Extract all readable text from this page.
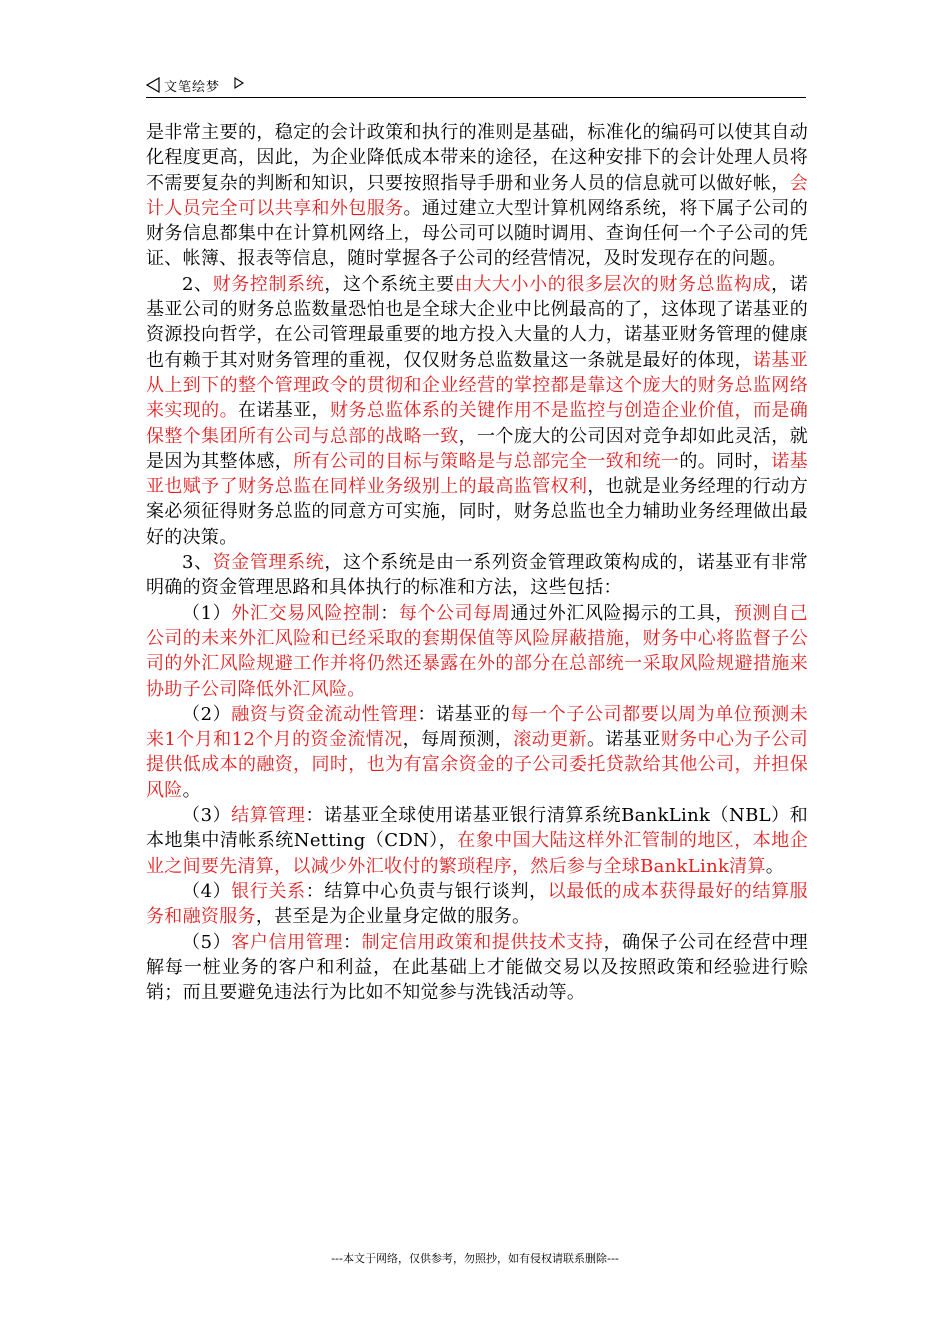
文笔绘梦

是非常主要的，稳定的会计政策和执行的准则是基础，标准化的编码可以使其自动化程度更高，因此，为企业降低成本带来的途径，在这种安排下的会计处理人员将不需要复杂的判断和知识，只要按照指导手册和业务人员的信息就可以做好帐，会计人员完全可以共享和外包服务。通过建立大型计算机网络系统，将下属子公司的财务信息都集中在计算机网络上，母公司可以随时调用、查询任何一个子公司的凭证、帐簿、报表等信息，随时掌握各子公司的经营情况，及时发现存在的问题。

2、财务控制系统，这个系统主要由大大小小的很多层次的财务总监构成，诺基亚公司的财务总监数量恐怕也是全球大企业中比例最高的了，这体现了诺基亚的资源投向哲学，在公司管理最重要的地方投入大量的人力，诺基亚财务管理的健康也有赖于其对财务管理的重视，仅仅财务总监数量这一条就是最好的体现，诺基亚从上到下的整个管理政令的贯彻和企业经营的掌控都是靠这个庞大的财务总监网络来实现的。在诺基亚，财务总监体系的关键作用不是监控与创造企业价值，而是确保整个集团所有公司与总部的战略一致，一个庞大的公司因对竞争却如此灵活，就是因为其整体感，所有公司的目标与策略是与总部完全一致和统一的。同时，诺基亚也赋予了财务总监在同样业务级别上的最高监管权利，也就是业务经理的行动方案必须征得财务总监的同意方可实施，同时，财务总监也全力辅助业务经理做出最好的决策。

3、资金管理系统，这个系统是由一系列资金管理政策构成的，诺基亚有非常明确的资金管理思路和具体执行的标准和方法，这些包括：

（1）外汇交易风险控制：每个公司每周通过外汇风险揭示的工具，预测自己公司的未来外汇风险和已经采取的套期保值等风险屏蔽措施，财务中心将监督子公司的外汇风险规避工作并将仍然还暴露在外的部分在总部统一采取风险规避措施来协助子公司降低外汇风险。

（2）融资与资金流动性管理：诺基亚的每一个子公司都要以周为单位预测未来1个月和12个月的资金流情况，每周预测，滚动更新。诺基亚财务中心为子公司提供低成本的融资，同时，也为有富余资金的子公司委托贷款给其他公司，并担保风险。

（3）结算管理：诺基亚全球使用诺基亚银行清算系统BankLink（NBL）和本地集中清帐系统Netting（CDN），在象中国大陆这样外汇管制的地区，本地企业之间要先清算，以减少外汇收付的繁琐程序，然后参与全球BankLink清算。

（4）银行关系：结算中心负责与银行谈判，以最低的成本获得最好的结算服务和融资服务，甚至是为企业量身定做的服务。

（5）客户信用管理：制定信用政策和提供技术支持，确保子公司在经营中理解每一桩业务的客户和利益，在此基础上才能做交易以及按照政策和经验进行赊销；而且要避免违法行为比如不知觉参与洗钱活动等。

---本文于网络，仅供参考，勿照抄，如有侵权请联系删除---
